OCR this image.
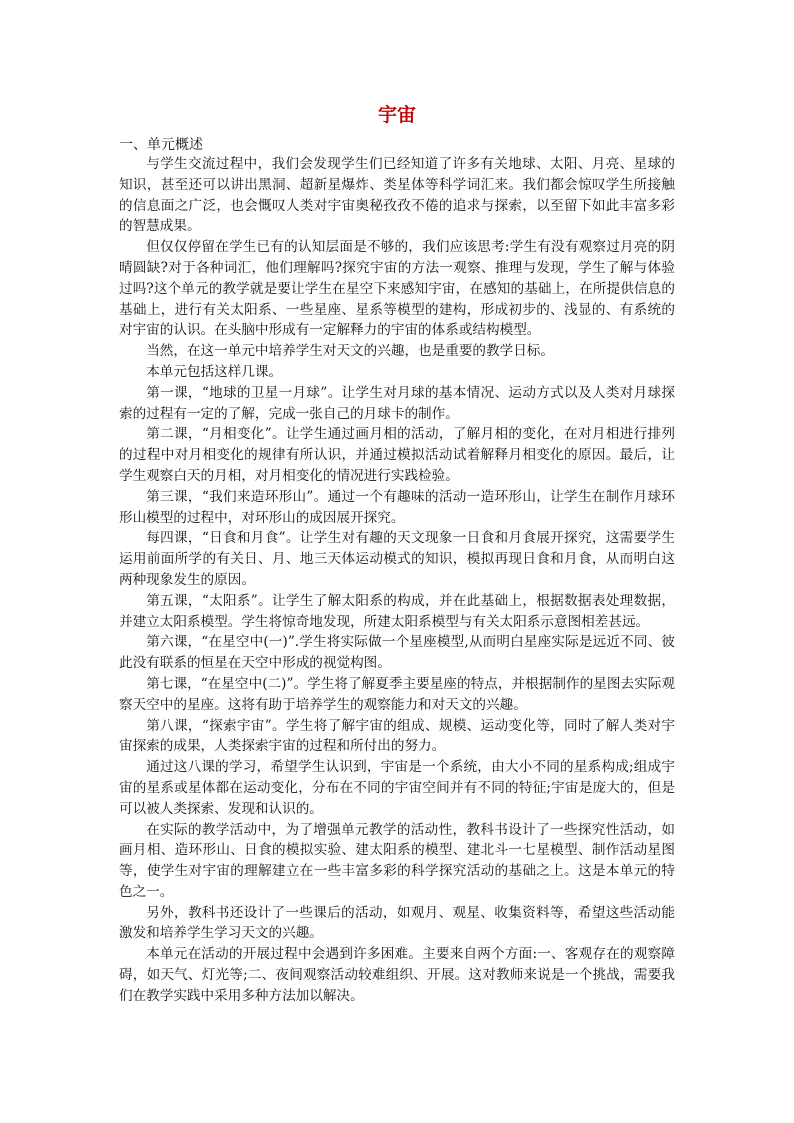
宇宙

一、单元概述

与学生交流过程中，我们会发现学生们已经知道了许多有关地球、太阳、月亮、星球的知识，甚至还可以讲出黑洞、超新星爆炸、类星体等科学词汇来。我们都会惊叹学生所接触的信息面之广泛，也会慨叹人类对宇宙奥秘孜孜不倦的追求与探索，以至留下如此丰富多彩的智慧成果。

但仅仅停留在学生已有的认知层面是不够的，我们应该思考:学生有没有观察过月亮的阴晴圆缺?对于各种词汇，他们理解吗?探究宇宙的方法一观察、推理与发现，学生了解与体验过吗?这个单元的教学就是要让学生在星空下来感知宇宙，在感知的基础上，在所提供信息的基础上，进行有关太阳系、一些星座、星系等模型的建构，形成初步的、浅显的、有系统的对宇宙的认识。在头脑中形成有一定解释力的宇宙的体系或结构模型。

当然，在这一单元中培养学生对天文的兴趣，也是重要的教学日标。

本单元包括这样几课。

第一课，“地球的卫星一月球”。让学生对月球的基本情况、运动方式以及人类对月球探索的过程有一定的了解，完成一张自己的月球卡的制作。

第二课，“月相变化”。让学生通过画月相的活动，了解月相的变化，在对月相进行排列的过程中对月相变化的规律有所认识，并通过模拟活动试着解释月相变化的原因。最后，让学生观察白天的月相，对月相变化的情况进行实践检验。

第三课，“我们来造环形山”。通过一个有趣味的活动一造环形山，让学生在制作月球环形山模型的过程中，对环形山的成因展开探究。

每四课，“日食和月食”。让学生对有趣的天文现象一日食和月食展开探究，这需要学生运用前面所学的有关日、月、地三天体运动模式的知识，模拟再现日食和月食，从而明白这两种现象发生的原因。

第五课，“太阳系”。让学生了解太阳系的构成，并在此基础上，根据数据表处理数据，并建立太阳系模型。学生将惊奇地发现，所建太阳系模型与有关太阳系示意图相差甚远。

第六课，“在星空中(一)”.学生将实际做一个星座模型,从而明白星座实际是远近不同、彼此没有联系的恒星在天空中形成的视觉构图。

第七课，“在星空中(二)”。学生将了解夏季主要星座的特点，并根据制作的星图去实际观察天空中的星座。这将有助于培养学生的观察能力和对天文的兴趣。

第八课，“探索宇宙”。学生将了解宇宙的组成、规模、运动变化等，同时了解人类对宇宙探索的成果，人类探索宇宙的过程和所付出的努力。

通过这八课的学习，希望学生认识到，宇宙是一个系统，由大小不同的星系构成;组成宇宙的星系或星体都在运动变化，分布在不同的宇宙空间并有不同的特征;宇宙是庞大的，但是可以被人类探索、发现和认识的。

在实际的教学活动中，为了增强单元教学的活动性，教科书设计了一些探究性活动，如画月相、造环形山、日食的模拟实验、建太阳系的模型、建北斗一七星模型、制作活动星图等，使学生对宇宙的理解建立在一些丰富多彩的科学探究活动的基础之上。这是本单元的特色之一。

另外，教科书还设计了一些课后的活动，如观月、观星、收集资料等，希望这些活动能激发和培养学生学习天文的兴趣。

本单元在活动的开展过程中会遇到许多困难。主要来自两个方面:一、客观存在的观察障碍，如天气、灯光等;二、夜间观察活动较难组织、开展。这对教师来说是一个挑战，需要我们在教学实践中采用多种方法加以解决。
